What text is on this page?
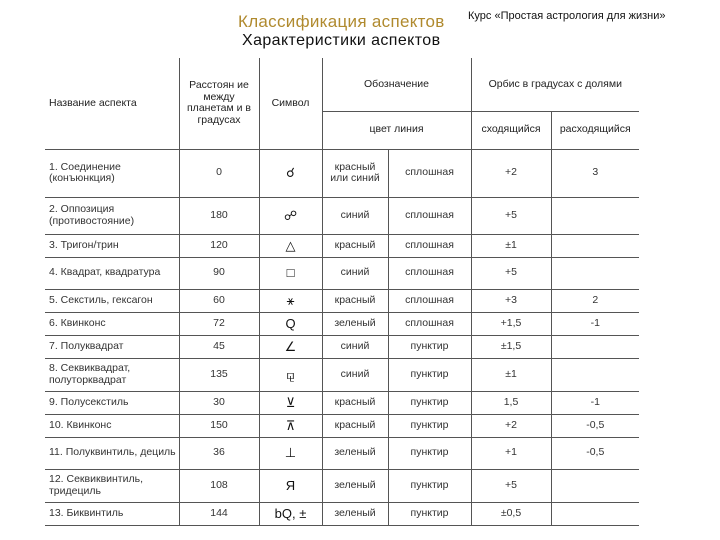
Курс «Простая астрология для жизни»
Классификация аспектов
Характеристики аспектов
Название аспекта	Расстоян ие между планетам и в градусах	Символ	Обозначение		Орбис в градусах с долями	
			цвет линия		сходящийся	расходящийся
1. Соединение (конъюнкция)	0	☌	красный или синий	сплошная	+2	3
2. Оппозиция (противостояние)	180	☍	синий	сплошная	+5	
3. Тригон/трин	120	△	красный	сплошная	±1	
4. Квадрат, квадратура	90	□	синий	сплошная	+5	
5. Секстиль, гексагон	60	⚹	красный	сплошная	+3	2
6. Квинконс	72	Q	зеленый	сплошная	+1,5	-1
7. Полуквадрат	45	∠	синий	пунктир	±1,5	
8. Секвиквадрат, полуторквадрат	135	⚼	синий	пунктир	±1	
9. Полусекстиль	30	⊻	красный	пунктир	1,5	-1
10. Квинконс	150	⊼	красный	пунктир	+2	-0,5
11. Полуквинтиль, дециль	36	⊥	зеленый	пунктир	+1	-0,5
12. Секвиквинтиль, тридециль	108	Я	зеленый	пунктир	+5	
13. Биквинтиль	144	bQ, ±	зеленый	пунктир	±0,5	
